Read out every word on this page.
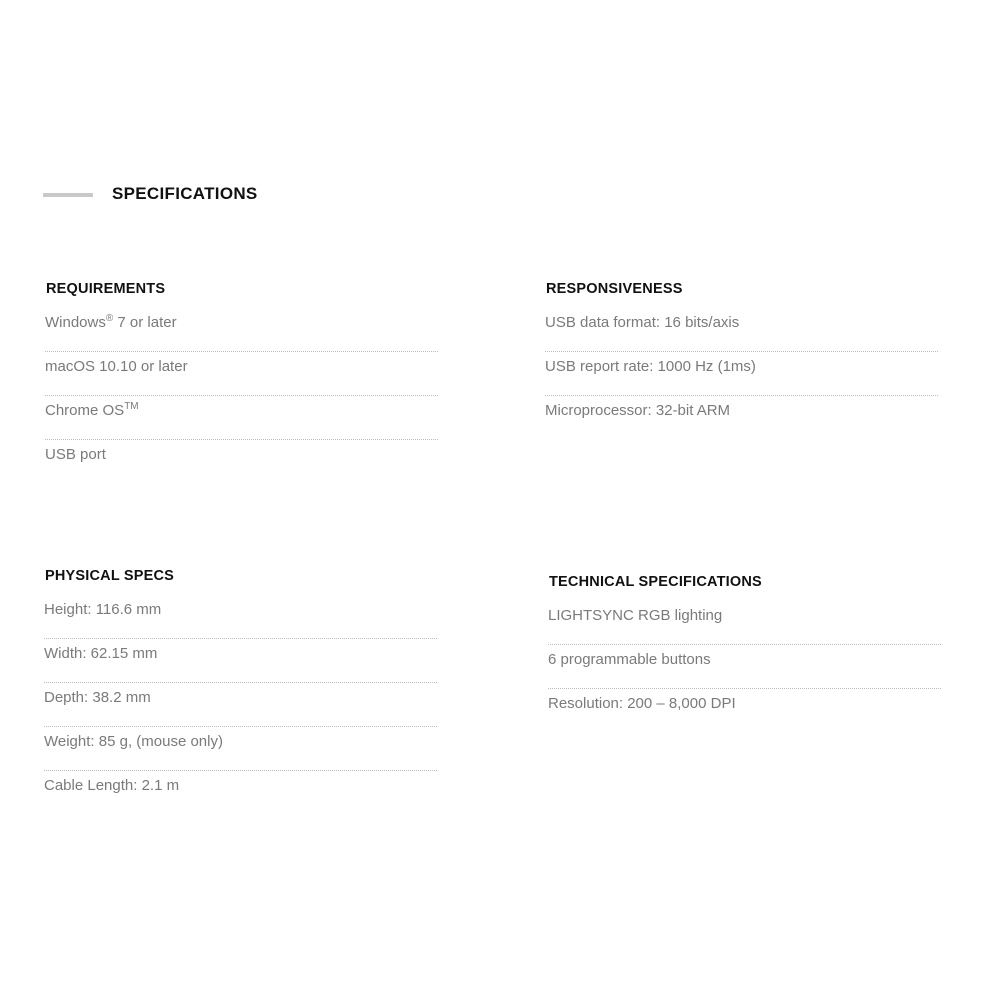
SPECIFICATIONS
REQUIREMENTS
Windows® 7 or later
macOS 10.10 or later
Chrome OS™
USB port
RESPONSIVENESS
USB data format: 16 bits/axis
USB report rate: 1000 Hz (1ms)
Microprocessor: 32-bit ARM
PHYSICAL SPECS
Height: 116.6 mm
Width: 62.15 mm
Depth: 38.2 mm
Weight: 85 g, (mouse only)
Cable Length: 2.1 m
TECHNICAL SPECIFICATIONS
LIGHTSYNC RGB lighting
6 programmable buttons
Resolution: 200 – 8,000 DPI
